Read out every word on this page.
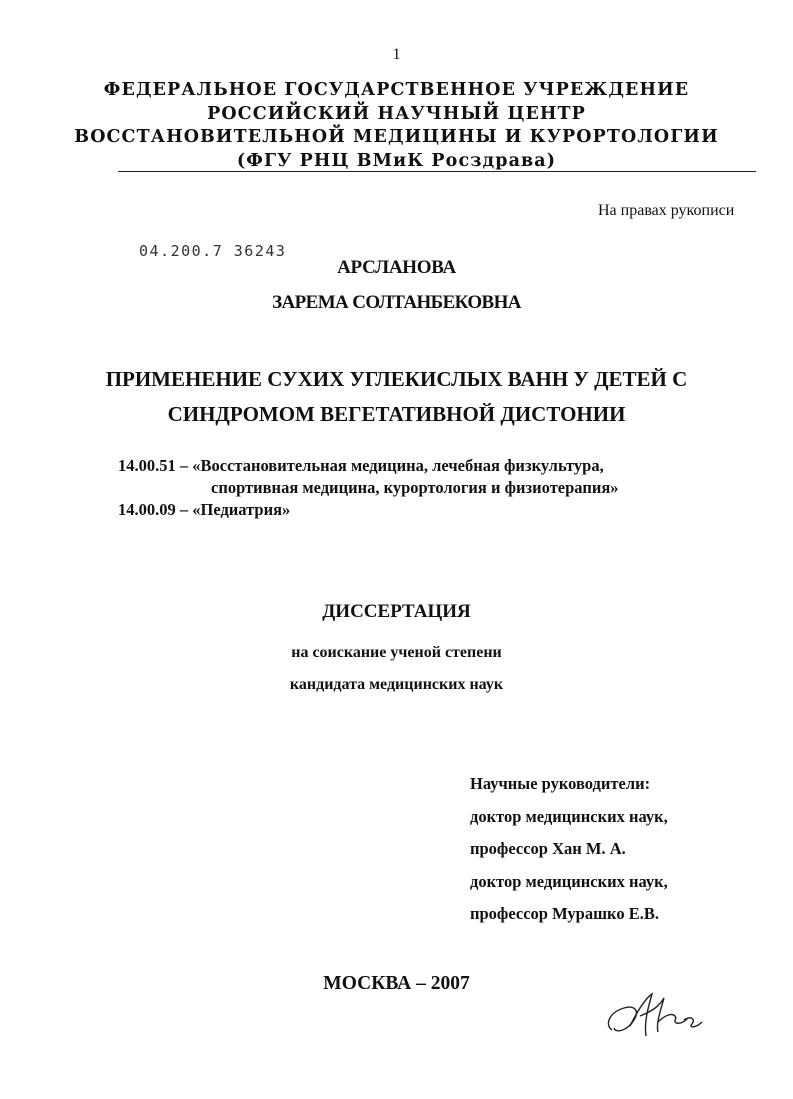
1
ФЕДЕРАЛЬНОЕ ГОСУДАРСТВЕННОЕ УЧРЕЖДЕНИЕ
РОССИЙСКИЙ НАУЧНЫЙ ЦЕНТР
ВОССТАНОВИТЕЛЬНОЙ МЕДИЦИНЫ И КУРОРТОЛОГИИ
(ФГУ РНЦ ВМиК Росздрава)
На правах рукописи
04.200.7 36243
АРСЛАНОВА
ЗАРЕМА СОЛТАНБЕКОВНА
ПРИМЕНЕНИЕ СУХИХ УГЛЕКИСЛЫХ ВАНН У ДЕТЕЙ С
СИНДРОМОМ ВЕГЕТАТИВНОЙ ДИСТОНИИ
14.00.51 – «Восстановительная медицина, лечебная физкультура,
спортивная медицина, курортология и физиотерапия»
14.00.09 – «Педиатрия»
ДИССЕРТАЦИЯ
на соискание ученой степени
кандидата медицинских наук
Научные руководители:
доктор медицинских наук,
профессор Хан М. А.
доктор медицинских наук,
профессор Мурашко Е.В.
МОСКВА – 2007
